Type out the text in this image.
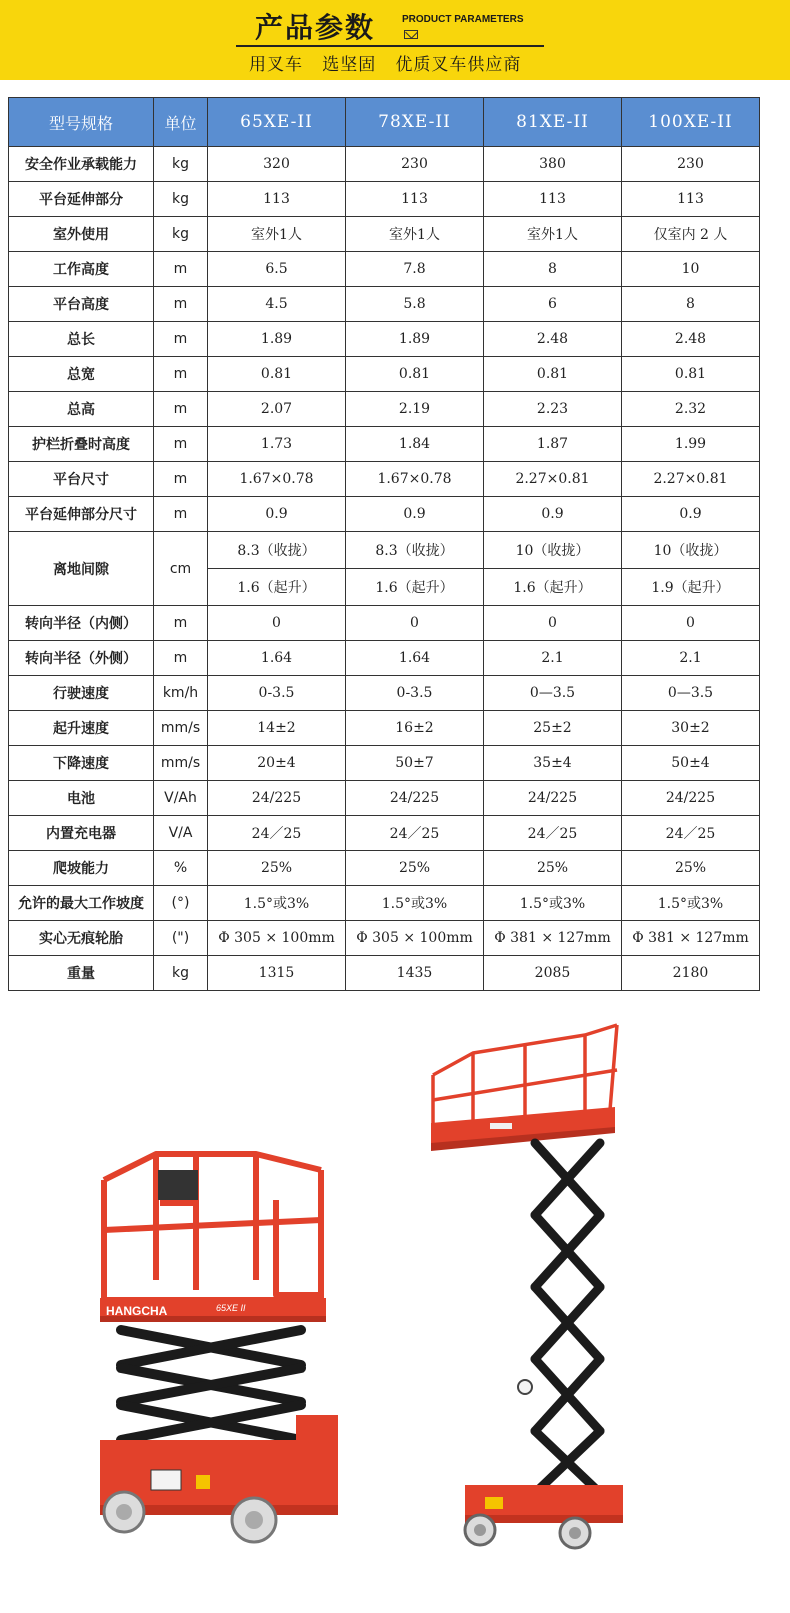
产品参数	PRODUCT PARAMETERS
用叉车   选坚固   优质叉车供应商
型号规格	单位	65XE-II	78XE-II	81XE-II	100XE-II
安全作业承载能力	kg	320	230	380	230
平台延伸部分	kg	113	113	113	113
室外使用	kg	室外1人	室外1人	室外1人	仅室内 2 人
工作高度	m	6.5	7.8	8	10
平台高度	m	4.5	5.8	6	8
总长	m	1.89	1.89	2.48	2.48
总宽	m	0.81	0.81	0.81	0.81
总高	m	2.07	2.19	2.23	2.32
护栏折叠时高度	m	1.73	1.84	1.87	1.99
平台尺寸	m	1.67×0.78	1.67×0.78	2.27×0.81	2.27×0.81
平台延伸部分尺寸	m	0.9	0.9	0.9	0.9
离地间隙	cm	8.3（收拢）	8.3（收拢）	10（收拢）	10（收拢）
		1.6（起升）	1.6（起升）	1.6（起升）	1.9（起升）
转向半径（内侧）	m	0	0	0	0
转向半径（外侧）	m	1.64	1.64	2.1	2.1
行驶速度	km/h	0-3.5	0-3.5	0—3.5	0—3.5
起升速度	mm/s	14±2	16±2	25±2	30±2
下降速度	mm/s	20±4	50±7	35±4	50±4
电池	V/Ah	24/225	24/225	24/225	24/225
内置充电器	V/A	24／25	24／25	24／25	24／25
爬坡能力	%	25%	25%	25%	25%
允许的最大工作坡度	(°)	1.5°或3%	1.5°或3%	1.5°或3%	1.5°或3%
实心无痕轮胎	(")	Φ 305 × 100mm	Φ 305 × 100mm	Φ 381 × 127mm	Φ 381 × 127mm
重量	kg	1315	1435	2085	2180
HANGCHA	65XE II
